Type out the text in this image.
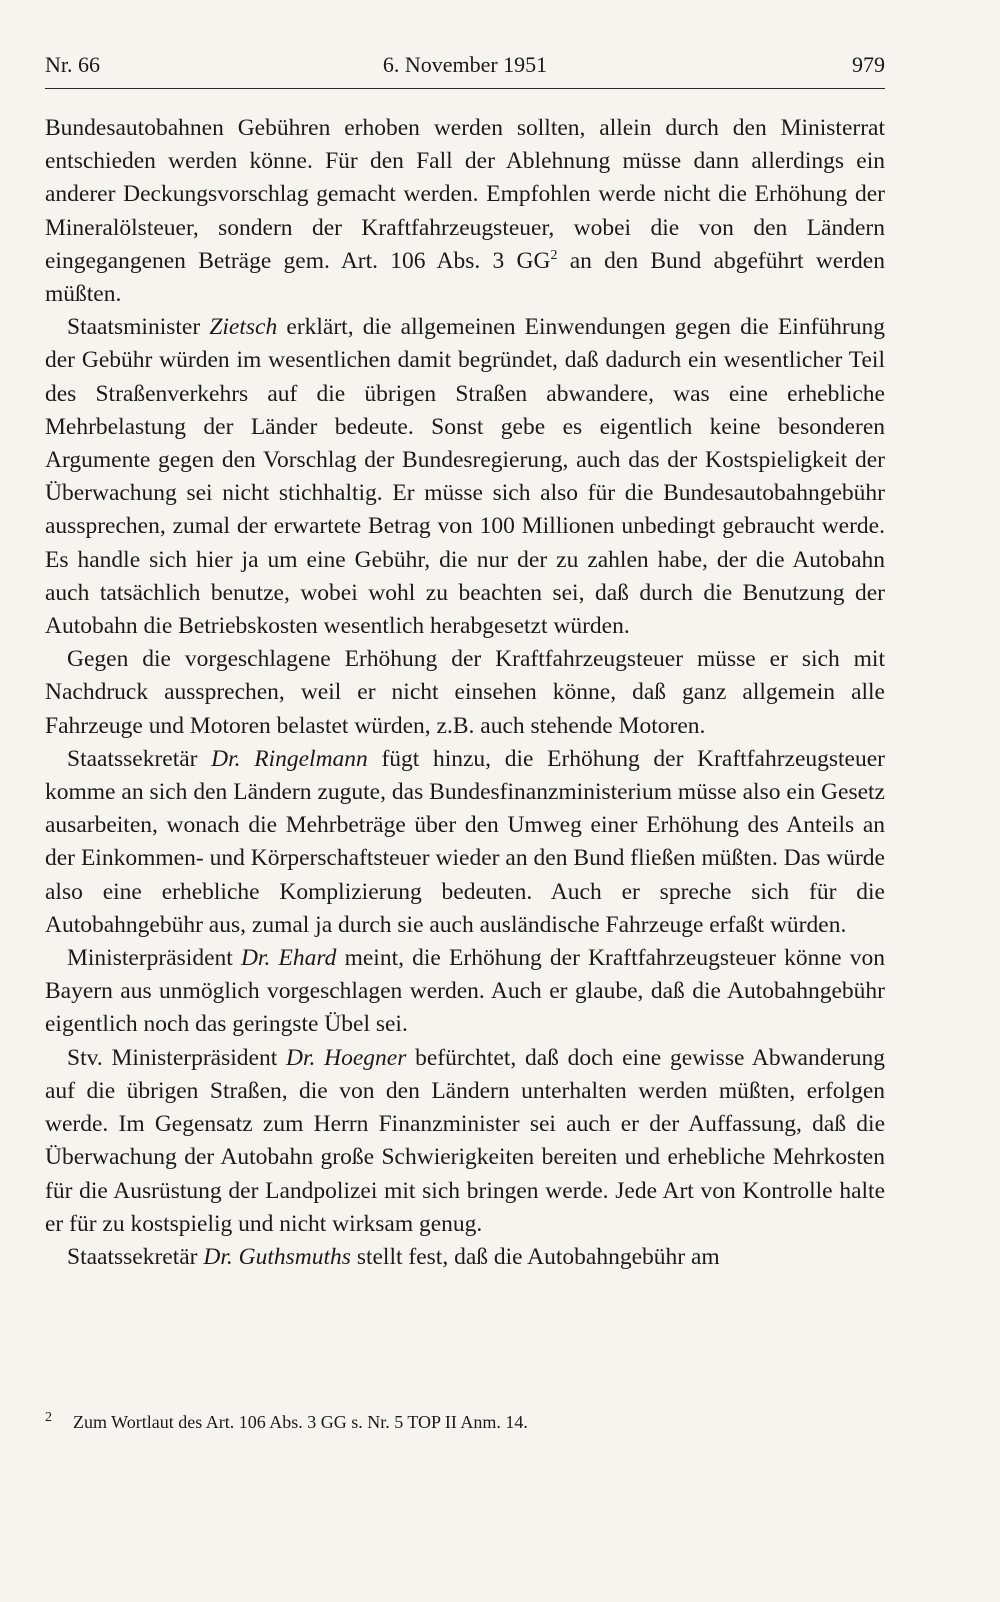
Nr. 66	6. November 1951	979

Bundesautobahnen Gebühren erhoben werden sollten, allein durch den Ministerrat entschieden werden könne. Für den Fall der Ablehnung müsse dann allerdings ein anderer Deckungsvorschlag gemacht werden. Empfohlen werde nicht die Erhöhung der Mineralölsteuer, sondern der Kraftfahrzeugsteuer, wobei die von den Ländern eingegangenen Beträge gem. Art. 106 Abs. 3 GG$^2$ an den Bund abgeführt werden müßten.

Staatsminister Zietsch erklärt, die allgemeinen Einwendungen gegen die Einführung der Gebühr würden im wesentlichen damit begründet, daß dadurch ein wesentlicher Teil des Straßenverkehrs auf die übrigen Straßen abwandere, was eine erhebliche Mehrbelastung der Länder bedeute. Sonst gebe es eigentlich keine besonderen Argumente gegen den Vorschlag der Bundesregierung, auch das der Kostspieligkeit der Überwachung sei nicht stichhaltig. Er müsse sich also für die Bundesautobahngebühr aussprechen, zumal der erwartete Betrag von 100 Millionen unbedingt gebraucht werde. Es handle sich hier ja um eine Gebühr, die nur der zu zahlen habe, der die Autobahn auch tatsächlich benutze, wobei wohl zu beachten sei, daß durch die Benutzung der Autobahn die Betriebskosten wesentlich herabgesetzt würden.

Gegen die vorgeschlagene Erhöhung der Kraftfahrzeugsteuer müsse er sich mit Nachdruck aussprechen, weil er nicht einsehen könne, daß ganz allgemein alle Fahrzeuge und Motoren belastet würden, z.B. auch stehende Motoren.

Staatssekretär Dr. Ringelmann fügt hinzu, die Erhöhung der Kraftfahrzeugsteuer komme an sich den Ländern zugute, das Bundesfinanzministerium müsse also ein Gesetz ausarbeiten, wonach die Mehrbeträge über den Umweg einer Erhöhung des Anteils an der Einkommen- und Körperschaftsteuer wieder an den Bund fließen müßten. Das würde also eine erhebliche Komplizierung bedeuten. Auch er spreche sich für die Autobahngebühr aus, zumal ja durch sie auch ausländische Fahrzeuge erfaßt würden.

Ministerpräsident Dr. Ehard meint, die Erhöhung der Kraftfahrzeugsteuer könne von Bayern aus unmöglich vorgeschlagen werden. Auch er glaube, daß die Autobahngebühr eigentlich noch das geringste Übel sei.

Stv. Ministerpräsident Dr. Hoegner befürchtet, daß doch eine gewisse Abwanderung auf die übrigen Straßen, die von den Ländern unterhalten werden müßten, erfolgen werde. Im Gegensatz zum Herrn Finanzminister sei auch er der Auffassung, daß die Überwachung der Autobahn große Schwierigkeiten bereiten und erhebliche Mehrkosten für die Ausrüstung der Landpolizei mit sich bringen werde. Jede Art von Kontrolle halte er für zu kostspielig und nicht wirksam genug.

Staatssekretär Dr. Guthsmuths stellt fest, daß die Autobahngebühr am

2 Zum Wortlaut des Art. 106 Abs. 3 GG s. Nr. 5 TOP II Anm. 14.
